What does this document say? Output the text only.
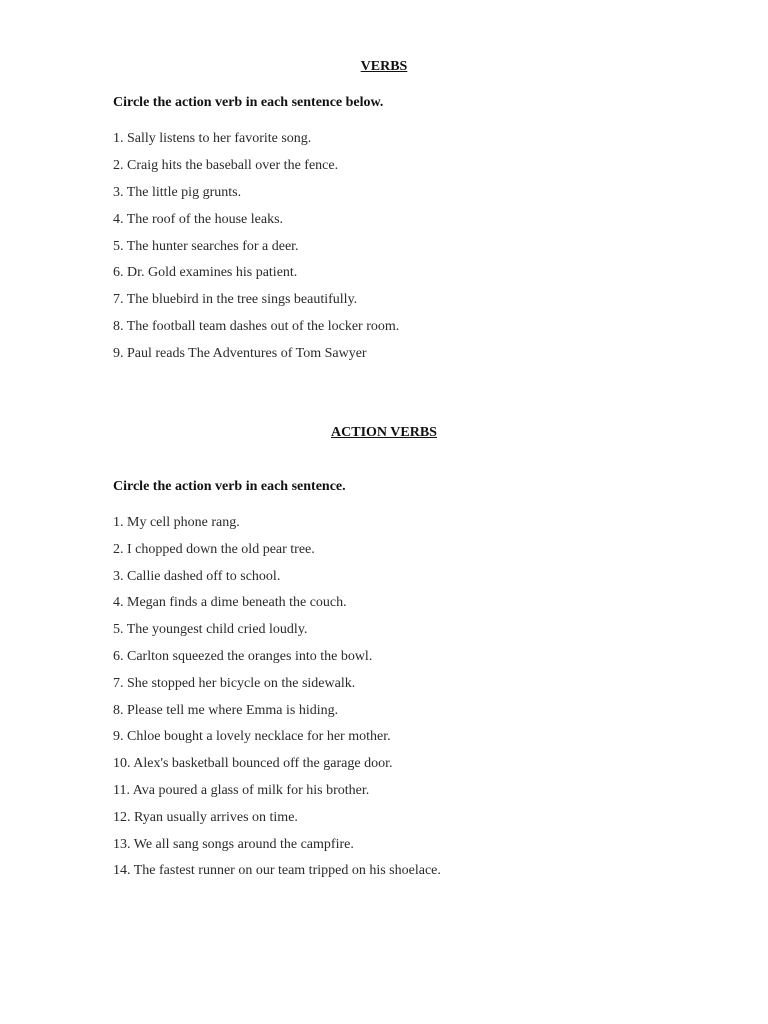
VERBS
Circle the action verb in each sentence below.
1. Sally listens to her favorite song.
2. Craig hits the baseball over the fence.
3. The little pig grunts.
4. The roof of the house leaks.
5. The hunter searches for a deer.
6. Dr. Gold examines his patient.
7. The bluebird in the tree sings beautifully.
8. The football team dashes out of the locker room.
9. Paul reads The Adventures of Tom Sawyer
ACTION VERBS
Circle the action verb in each sentence.
1. My cell phone rang.
2. I chopped down the old pear tree.
3. Callie dashed off to school.
4. Megan finds a dime beneath the couch.
5. The youngest child cried loudly.
6. Carlton squeezed the oranges into the bowl.
7. She stopped her bicycle on the sidewalk.
8. Please tell me where Emma is hiding.
9. Chloe bought a lovely necklace for her mother.
10. Alex's basketball bounced off the garage door.
11. Ava poured a glass of milk for his brother.
12. Ryan usually arrives on time.
13. We all sang songs around the campfire.
14. The fastest runner on our team tripped on his shoelace.
